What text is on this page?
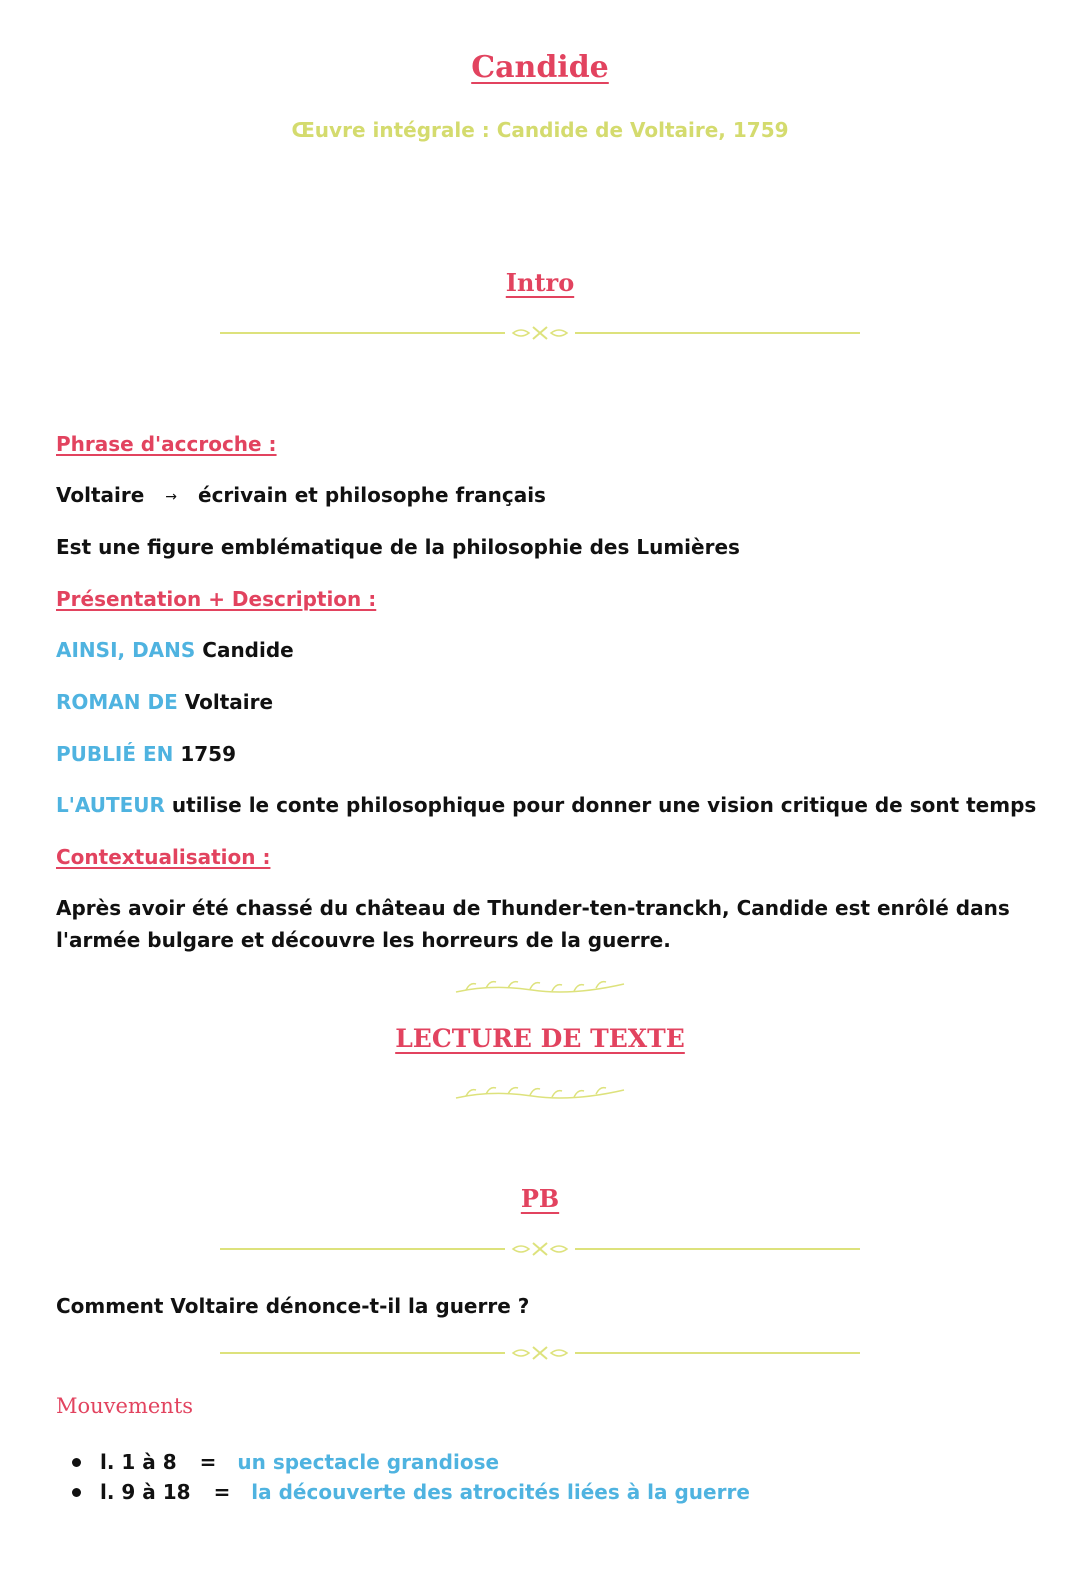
Candide
Œuvre intégrale : Candide de Voltaire, 1759
Intro
Phrase d'accroche :
Voltaire → écrivain et philosophe français
Est une figure emblématique de la philosophie des Lumières
Présentation + Description :
AINSI, DANS Candide
ROMAN DE Voltaire
PUBLIÉ EN 1759
L'AUTEUR utilise le conte philosophique pour donner une vision critique de sont temps
Contextualisation :
Après avoir été chassé du château de Thunder-ten-tranckh, Candide est enrôlé dans
l'armée bulgare et découvre les horreurs de la guerre.
LECTURE DE TEXTE
PB
Comment Voltaire dénonce-t-il la guerre ?
Mouvements
l. 1 à 8 = un spectacle grandiose
l. 9 à 18 = la découverte des atrocités liées à la guerre
